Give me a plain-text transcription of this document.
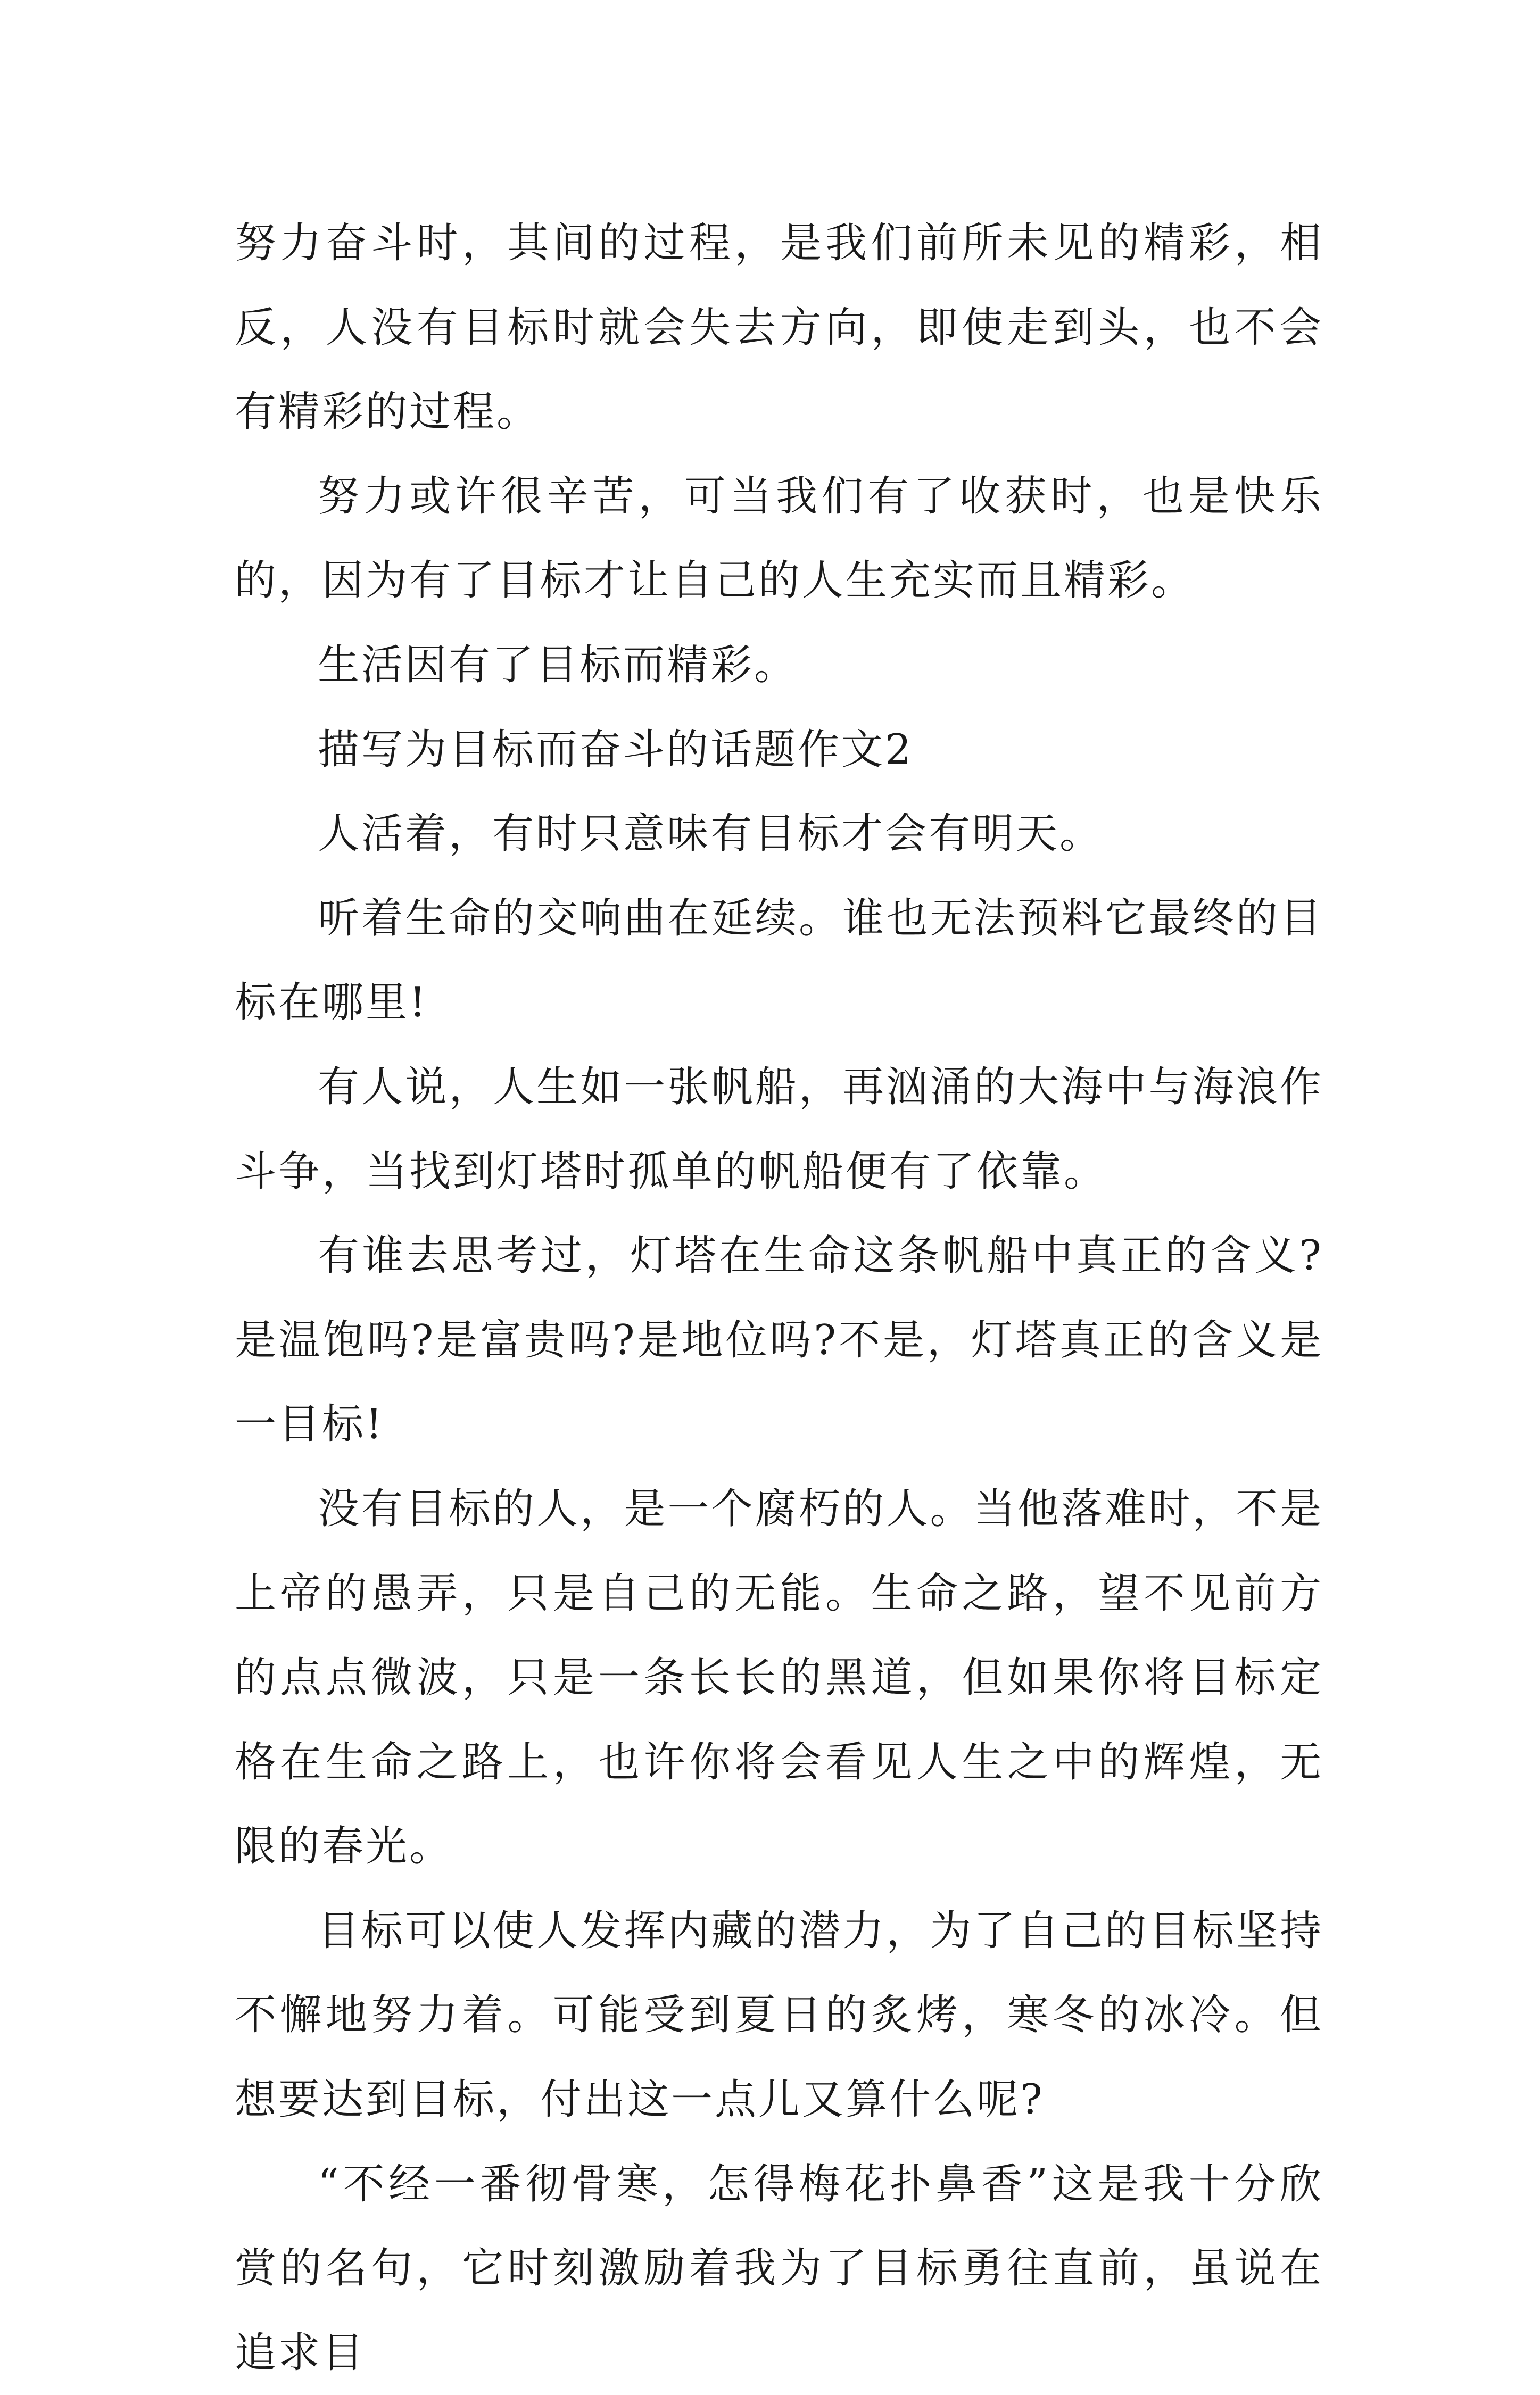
努力奋斗时，其间的过程，是我们前所未见的精彩，相反，人没有目标时就会失去方向，即使走到头，也不会有精彩的过程。

努力或许很辛苦，可当我们有了收获时，也是快乐的，因为有了目标才让自己的人生充实而且精彩。

生活因有了目标而精彩。

描写为目标而奋斗的话题作文2

人活着，有时只意味有目标才会有明天。

听着生命的交响曲在延续。谁也无法预料它最终的目标在哪里!

有人说，人生如一张帆船，再汹涌的大海中与海浪作斗争，当找到灯塔时孤单的帆船便有了依靠。

有谁去思考过，灯塔在生命这条帆船中真正的含义?是温饱吗?是富贵吗?是地位吗?不是，灯塔真正的含义是一目标!

没有目标的人，是一个腐朽的人。当他落难时，不是上帝的愚弄，只是自己的无能。生命之路，望不见前方的点点微波，只是一条长长的黑道，但如果你将目标定格在生命之路上，也许你将会看见人生之中的辉煌，无限的春光。

目标可以使人发挥内藏的潜力，为了自己的目标坚持不懈地努力着。可能受到夏日的炙烤，寒冬的冰冷。但想要达到目标，付出这一点儿又算什么呢?

“不经一番彻骨寒，怎得梅花扑鼻香”这是我十分欣赏的名句，它时刻激励着我为了目标勇往直前，虽说在追求目
